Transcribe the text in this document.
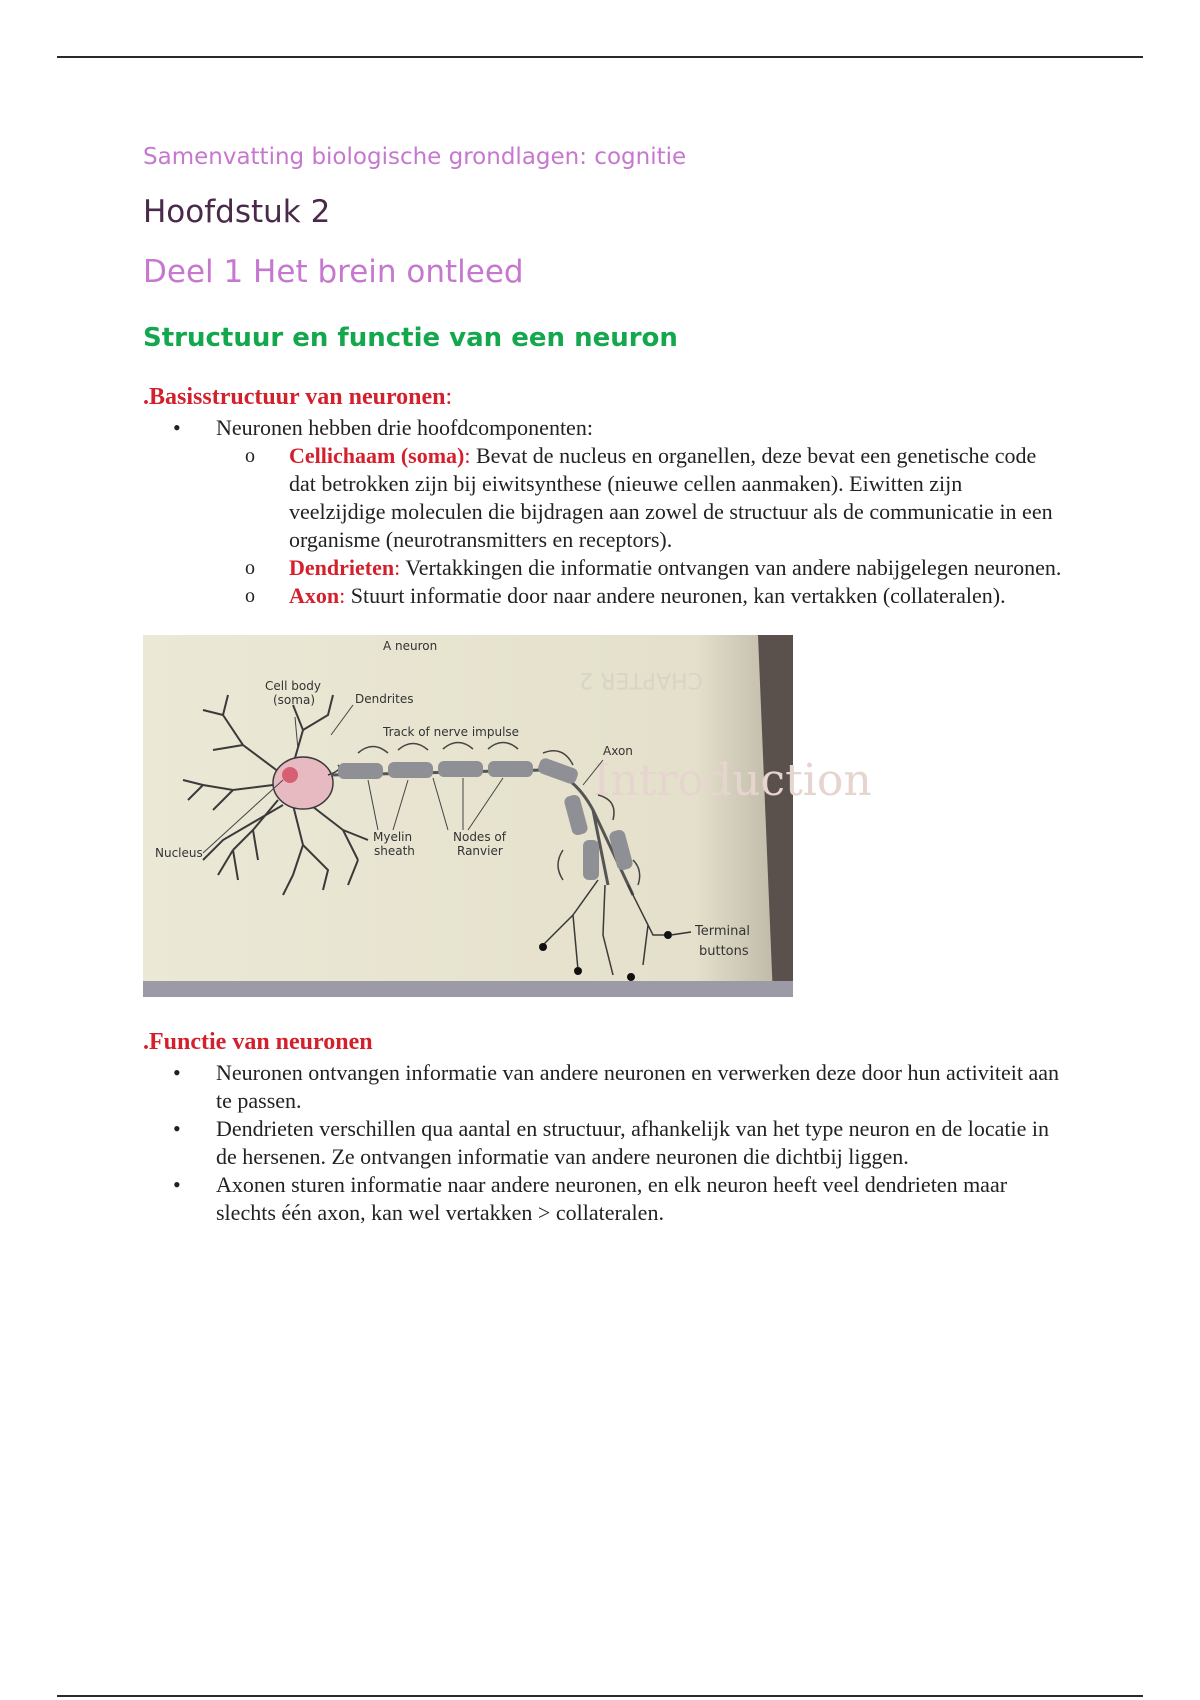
Samenvatting biologische grondlagen: cognitie

Hoofdstuk 2
Deel 1 Het brein ontleed
Structuur en functie van een neuron
.Basisstructuur van neuronen:
• Neuronen hebben drie hoofdcomponenten:
o Cellichaam (soma): Bevat de nucleus en organellen, deze bevat een genetische code dat betrokken zijn bij eiwitsynthese (nieuwe cellen aanmaken). Eiwitten zijn veelzijdige moleculen die bijdragen aan zowel de structuur als de communicatie in een organisme (neurotransmitters en receptors).
o Dendrieten: Vertakkingen die informatie ontvangen van andere nabijgelegen neuronen.
o Axon: Stuurt informatie door naar andere neuronen, kan vertakken (collateralen).
CHAPTER 2
Introduction
A neuron
Cell body
(soma)	Dendrites
Track of nerve impulse
Axon
Nucleus
Myelin
sheath
Nodes of
Ranvier
Terminal
buttons
.Functie van neuronen
• Neuronen ontvangen informatie van andere neuronen en verwerken deze door hun activiteit aan te passen.
• Dendrieten verschillen qua aantal en structuur, afhankelijk van het type neuron en de locatie in de hersenen. Ze ontvangen informatie van andere neuronen die dichtbij liggen.
• Axonen sturen informatie naar andere neuronen, en elk neuron heeft veel dendrieten maar slechts één axon, kan wel vertakken > collateralen.
